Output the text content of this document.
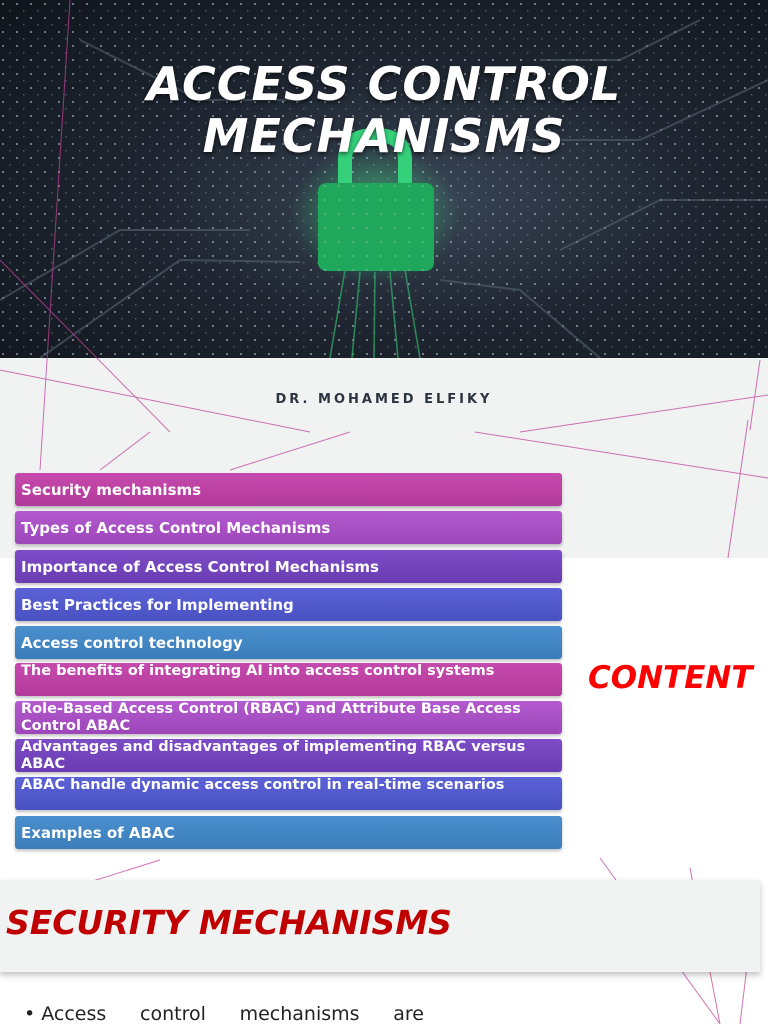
ACCESS CONTROL
MECHANISMS
DR. MOHAMED ELFIKY
Security mechanisms
Types of Access Control Mechanisms
Importance of Access Control Mechanisms
Best Practices for Implementing
Access control technology
The benefits of integrating AI into access control systems
Role-Based Access Control (RBAC) and Attribute Base Access Control ABAC
Advantages and disadvantages of implementing RBAC versus ABAC
ABAC handle dynamic access control in real-time scenarios
Examples of ABAC
CONTENT
SECURITY MECHANISMS
• Access control mechanisms are
